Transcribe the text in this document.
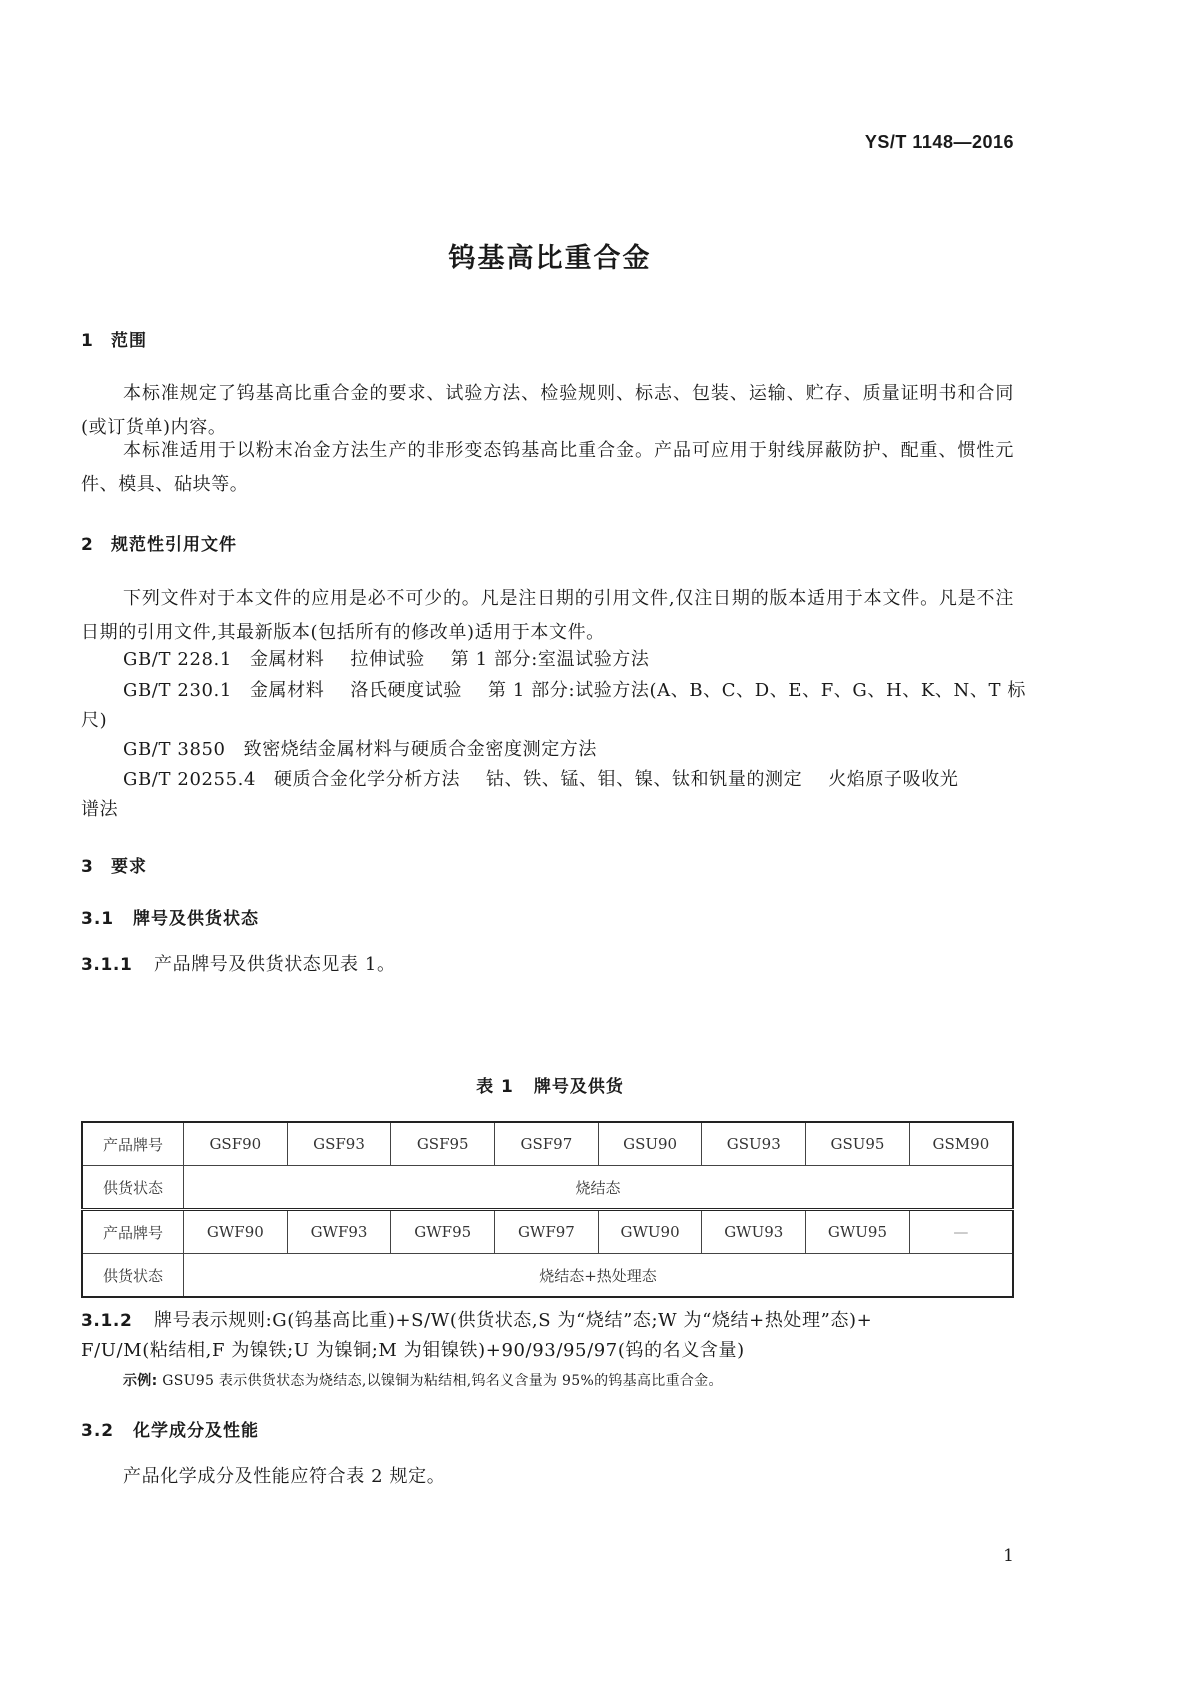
YS/T 1148—2016
钨基高比重合金
1 范围
本标准规定了钨基高比重合金的要求、试验方法、检验规则、标志、包装、运输、贮存、质量证明书和合同(或订货单)内容。
本标准适用于以粉末冶金方法生产的非形变态钨基高比重合金。产品可应用于射线屏蔽防护、配重、惯性元件、模具、砧块等。
2 规范性引用文件
下列文件对于本文件的应用是必不可少的。凡是注日期的引用文件,仅注日期的版本适用于本文件。凡是不注日期的引用文件,其最新版本(包括所有的修改单)适用于本文件。
GB/T 228.1 金属材料 拉伸试验 第 1 部分:室温试验方法
GB/T 230.1 金属材料 洛氏硬度试验 第 1 部分:试验方法(A、B、C、D、E、F、G、H、K、N、T 标
尺)
GB/T 3850 致密烧结金属材料与硬质合金密度测定方法
GB/T 20255.4 硬质合金化学分析方法 钴、铁、锰、钼、镍、钛和钒量的测定 火焰原子吸收光
谱法
3 要求
3.1 牌号及供货状态
3.1.1 产品牌号及供货状态见表 1。
表 1 牌号及供货
产品牌号	GSF90	GSF93	GSF95	GSF97	GSU90	GSU93	GSU95	GSM90
供货状态	烧结态							
产品牌号	GWF90	GWF93	GWF95	GWF97	GWU90	GWU93	GWU95	—
供货状态	烧结态+热处理态							
3.1.2 牌号表示规则:G(钨基高比重)+S/W(供货状态,S 为“烧结”态;W 为“烧结+热处理”态)+
F/U/M(粘结相,F 为镍铁;U 为镍铜;M 为钼镍铁)+90/93/95/97(钨的名义含量)
示例: GSU95 表示供货状态为烧结态,以镍铜为粘结相,钨名义含量为 95%的钨基高比重合金。
3.2 化学成分及性能
产品化学成分及性能应符合表 2 规定。
1
